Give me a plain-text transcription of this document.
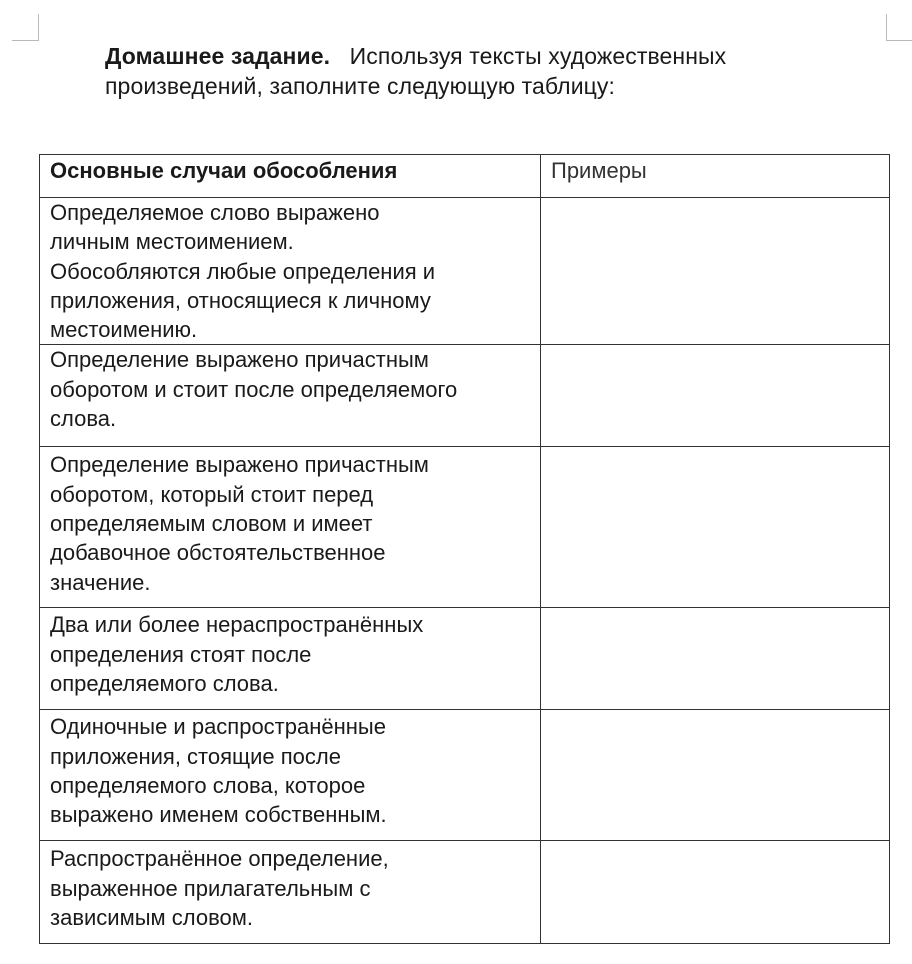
Домашнее задание. Используя тексты художественных произведений, заполните следующую таблицу:
Основные случаи обособления	Примеры

Определяемое слово выражено
личным местоимением.
Обособляются любые определения и
приложения, относящиеся к личному
местоимению.	

Определение выражено причастным
оборотом и стоит после определяемого
слова.	

Определение выражено причастным
оборотом, который стоит перед
определяемым словом и имеет
добавочное обстоятельственное
значение.	

Два или более нераспространённых
определения стоят после
определяемого слова.	

Одиночные и распространённые
приложения, стоящие после
определяемого слова, которое
выражено именем собственным.	

Распространённое определение,
выраженное прилагательным с
зависимым словом.	
